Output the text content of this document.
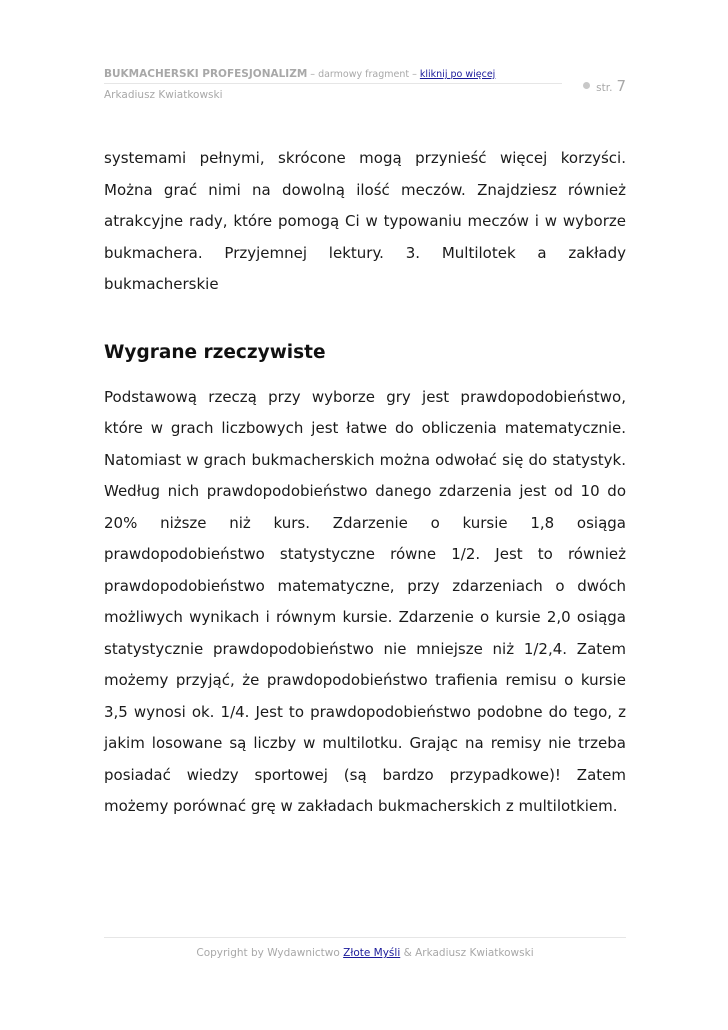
BUKMACHERSKI PROFESJONALIZM – darmowy fragment – kliknij po więcej
Arkadiusz Kwiatkowski
str. 7

systemami pełnymi, skrócone mogą przynieść więcej korzyści. Można grać nimi na dowolną ilość meczów. Znajdziesz również atrakcyjne rady, które pomogą Ci w typowaniu meczów i w wyborze bukmachera. Przyjemnej lektury. 3. Multilotek a zakłady bukmacherskie

Wygrane rzeczywiste

Podstawową rzeczą przy wyborze gry jest prawdopodobieństwo, które w grach liczbowych jest łatwe do obliczenia matematycznie. Natomiast w grach bukmacherskich można odwołać się do statystyk. Według nich prawdopodobieństwo danego zdarzenia jest od 10 do 20% niższe niż kurs. Zdarzenie o kursie 1,8 osiąga prawdopodobieństwo statystyczne równe 1/2. Jest to również prawdopodobieństwo matematyczne, przy zdarzeniach o dwóch możliwych wynikach i równym kursie. Zdarzenie o kursie 2,0 osiąga statystycznie prawdopodobieństwo nie mniejsze niż 1/2,4. Zatem możemy przyjąć, że prawdopodobieństwo trafienia remisu o kursie 3,5 wynosi ok. 1/4. Jest to prawdopodobieństwo podobne do tego, z jakim losowane są liczby w multilotku. Grając na remisy nie trzeba posiadać wiedzy sportowej (są bardzo przypadkowe)! Zatem możemy porównać grę w zakładach bukmacherskich z multilotkiem.

Copyright by Wydawnictwo Złote Myśli & Arkadiusz Kwiatkowski
